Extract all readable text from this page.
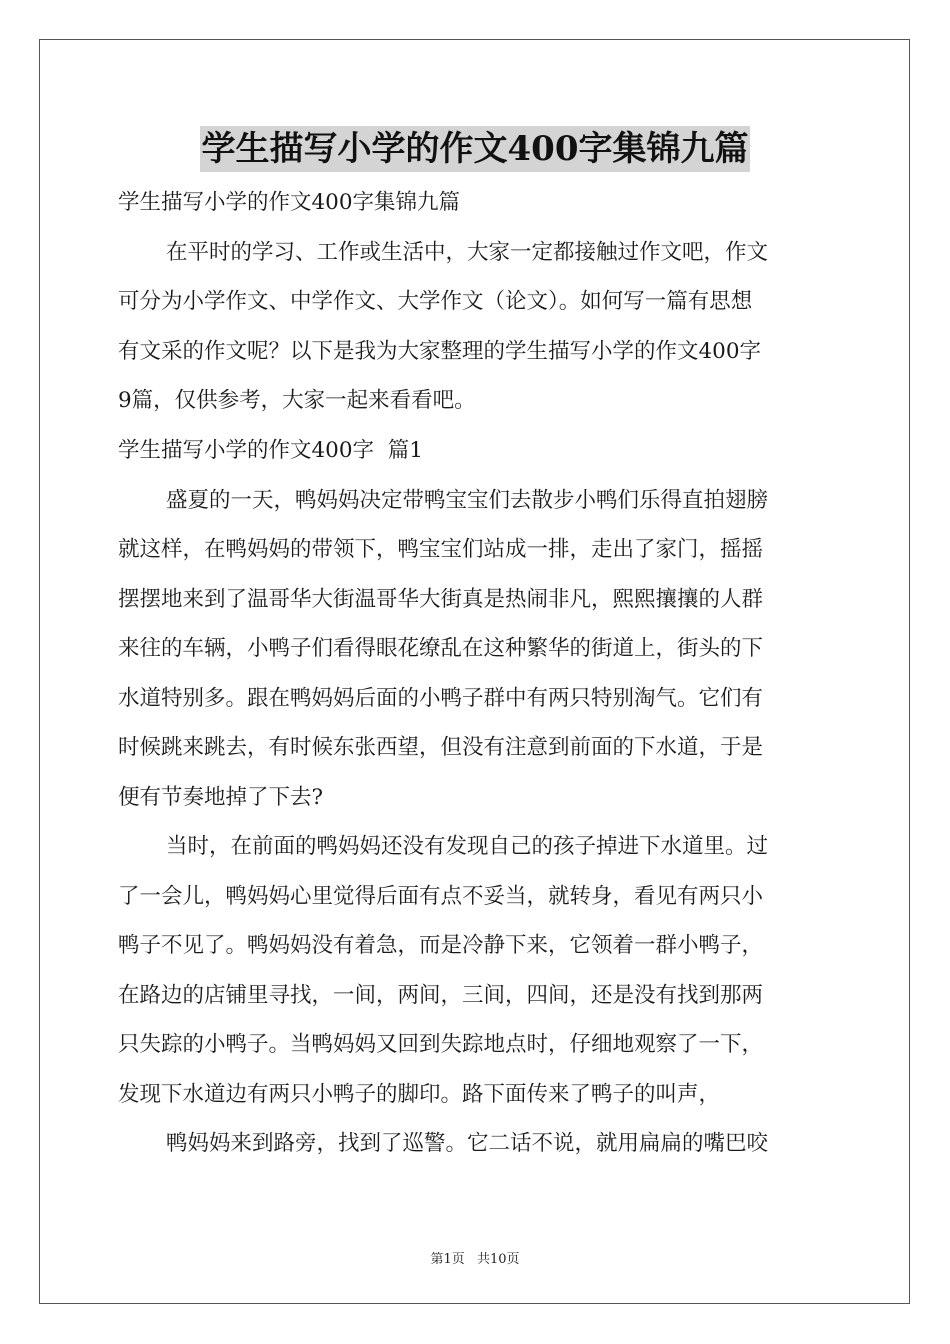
学生描写小学的作文400字集锦九篇
学生描写小学的作文400字集锦九篇
在平时的学习、工作或生活中，大家一定都接触过作文吧，作文
可分为小学作文、中学作文、大学作文（论文）。如何写一篇有思想
有文采的作文呢？以下是我为大家整理的学生描写小学的作文400字
9篇，仅供参考，大家一起来看看吧。
学生描写小学的作文400字  篇1
盛夏的一天，鸭妈妈决定带鸭宝宝们去散步小鸭们乐得直拍翅膀
就这样，在鸭妈妈的带领下，鸭宝宝们站成一排，走出了家门，摇摇
摆摆地来到了温哥华大街温哥华大街真是热闹非凡，熙熙攘攘的人群
来往的车辆，小鸭子们看得眼花缭乱在这种繁华的街道上，街头的下
水道特别多。跟在鸭妈妈后面的小鸭子群中有两只特别淘气。它们有
时候跳来跳去，有时候东张西望，但没有注意到前面的下水道，于是
便有节奏地掉了下去?
当时，在前面的鸭妈妈还没有发现自己的孩子掉进下水道里。过
了一会儿，鸭妈妈心里觉得后面有点不妥当，就转身，看见有两只小
鸭子不见了。鸭妈妈没有着急，而是冷静下来，它领着一群小鸭子，
在路边的店铺里寻找，一间，两间，三间，四间，还是没有找到那两
只失踪的小鸭子。当鸭妈妈又回到失踪地点时，仔细地观察了一下，
发现下水道边有两只小鸭子的脚印。路下面传来了鸭子的叫声，
鸭妈妈来到路旁，找到了巡警。它二话不说，就用扁扁的嘴巴咬
第1页 共10页
